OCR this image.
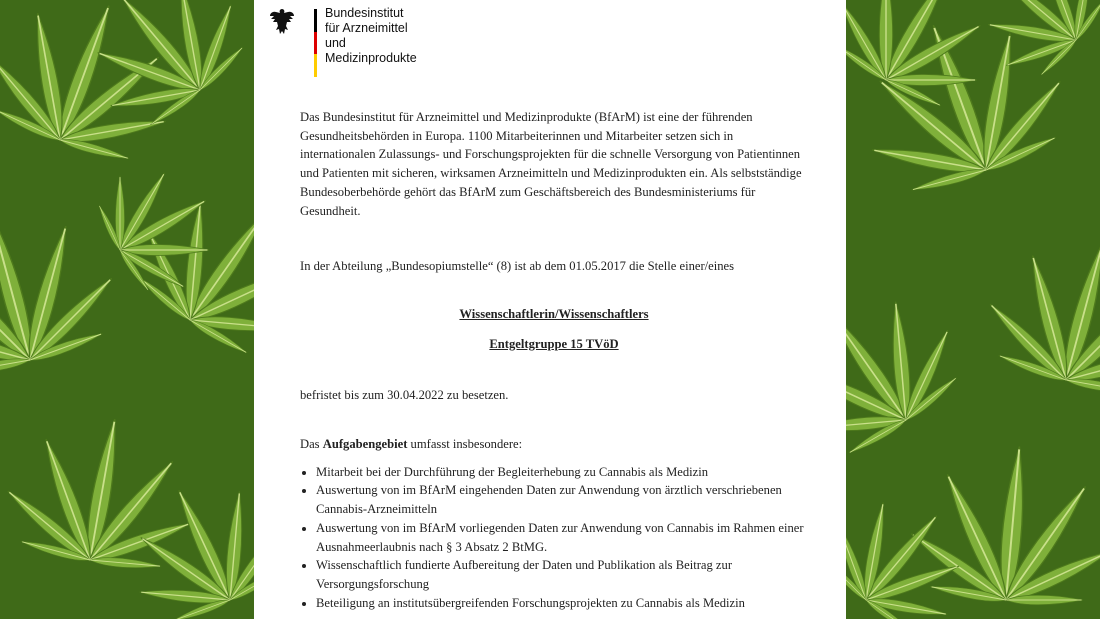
Bundesinstitut
für Arzneimittel
und Medizinprodukte

Das Bundesinstitut für Arzneimittel und Medizinprodukte (BfArM) ist eine der führenden Gesundheitsbehörden in Europa. 1100 Mitarbeiterinnen und Mitarbeiter setzen sich in internationalen Zulassungs- und Forschungsprojekten für die schnelle Versorgung von Patientinnen und Patienten mit sicheren, wirksamen Arzneimitteln und Medizinprodukten ein. Als selbstständige Bundesoberbehörde gehört das BfArM zum Geschäftsbereich des Bundesministeriums für Gesundheit.

In der Abteilung „Bundesopiumstelle“ (8) ist ab dem 01.05.2017 die Stelle einer/eines

Wissenschaftlerin/Wissenschaftlers

Entgeltgruppe 15 TVöD

befristet bis zum 30.04.2022 zu besetzen.

Das Aufgabengebiet umfasst insbesondere:

• Mitarbeit bei der Durchführung der Begleiterhebung zu Cannabis als Medizin
• Auswertung von im BfArM eingehenden Daten zur Anwendung von ärztlich verschriebenen Cannabis-Arzneimitteln
• Auswertung von im BfArM vorliegenden Daten zur Anwendung von Cannabis im Rahmen einer Ausnahmeerlaubnis nach § 3 Absatz 2 BtMG.
• Wissenschaftlich fundierte Aufbereitung der Daten und Publikation als Beitrag zur Versorgungsforschung
• Beteiligung an institutsübergreifenden Forschungsprojekten zu Cannabis als Medizin
